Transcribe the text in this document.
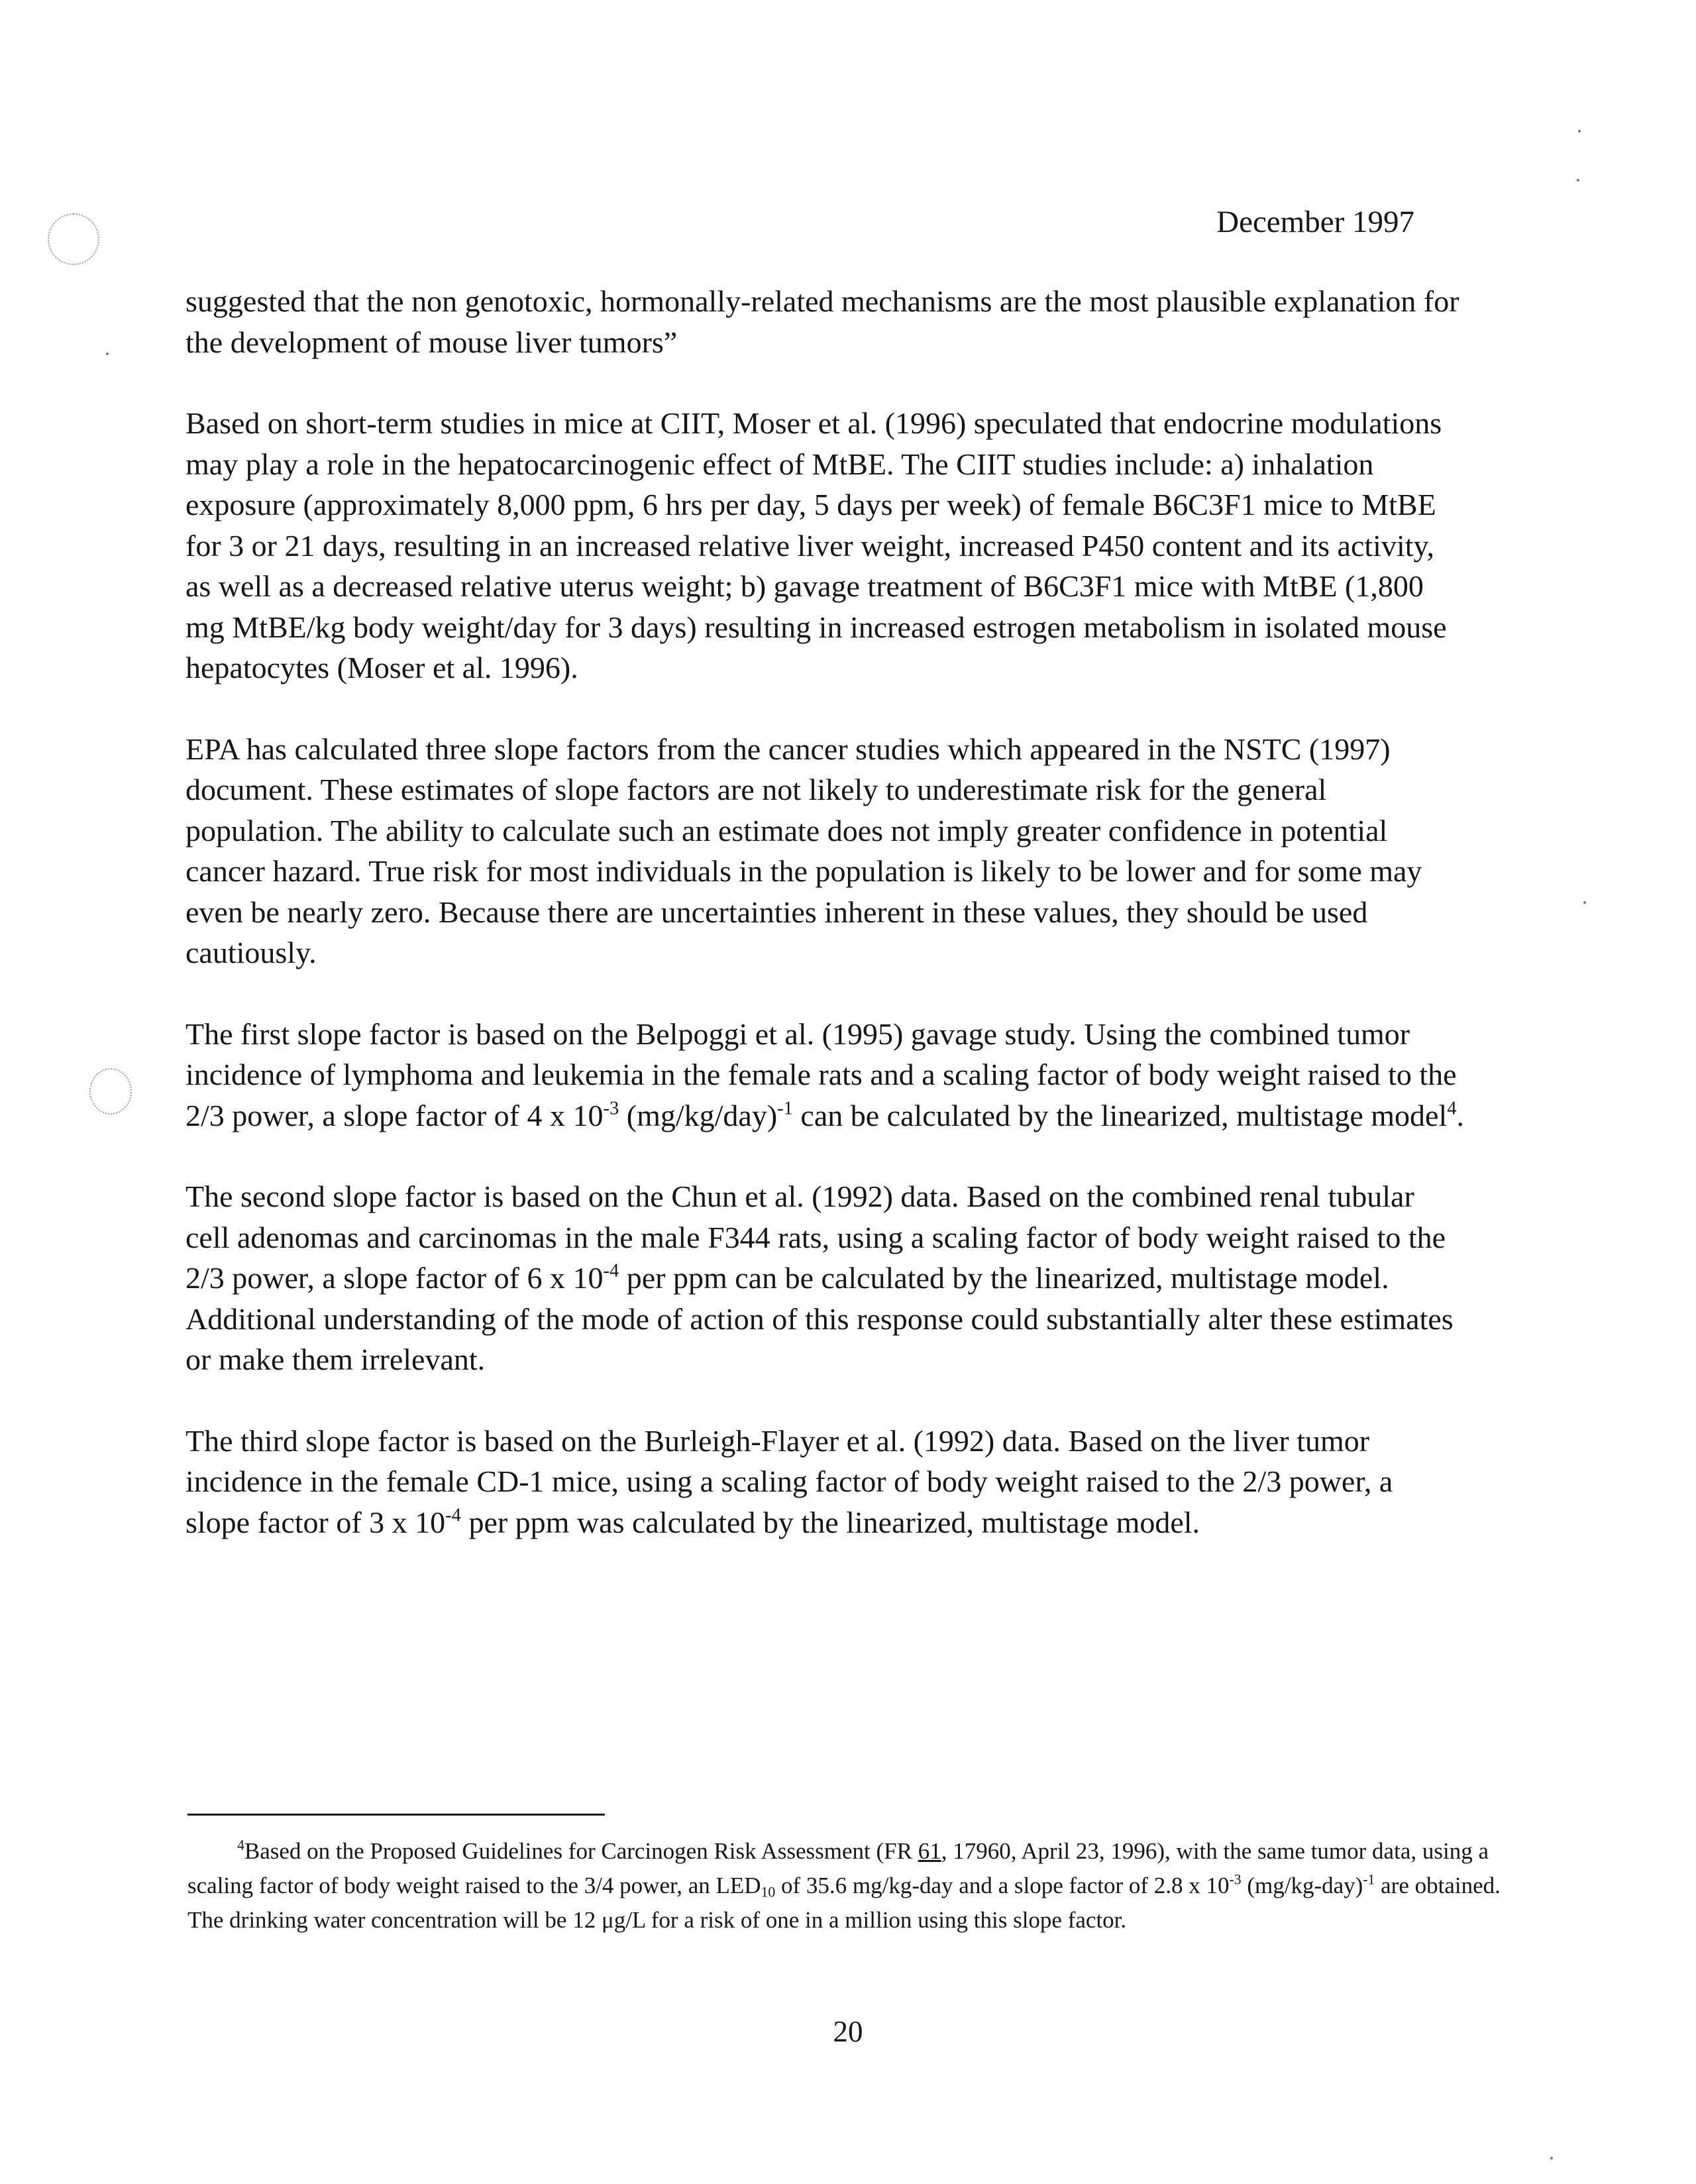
December 1997

suggested that the non genotoxic, hormonally-related mechanisms are the most plausible explanation for the development of mouse liver tumors”

Based on short-term studies in mice at CIIT, Moser et al. (1996) speculated that endocrine modulations may play a role in the hepatocarcinogenic effect of MtBE. The CIIT studies include: a) inhalation exposure (approximately 8,000 ppm, 6 hrs per day, 5 days per week) of female B6C3F1 mice to MtBE for 3 or 21 days, resulting in an increased relative liver weight, increased P450 content and its activity, as well as a decreased relative uterus weight; b) gavage treatment of B6C3F1 mice with MtBE (1,800 mg MtBE/kg body weight/day for 3 days) resulting in increased estrogen metabolism in isolated mouse hepatocytes (Moser et al. 1996).

EPA has calculated three slope factors from the cancer studies which appeared in the NSTC (1997) document. These estimates of slope factors are not likely to underestimate risk for the general population. The ability to calculate such an estimate does not imply greater confidence in potential cancer hazard. True risk for most individuals in the population is likely to be lower and for some may even be nearly zero. Because there are uncertainties inherent in these values, they should be used cautiously.

The first slope factor is based on the Belpoggi et al. (1995) gavage study. Using the combined tumor incidence of lymphoma and leukemia in the female rats and a scaling factor of body weight raised to the 2/3 power, a slope factor of 4 x $10^{-3}$ $(mg/kg/day)^{-1}$ can be calculated by the linearized, multistage model$^4$.

The second slope factor is based on the Chun et al. (1992) data. Based on the combined renal tubular cell adenomas and carcinomas in the male F344 rats, using a scaling factor of body weight raised to the 2/3 power, a slope factor of 6 x $10^{-4}$ per ppm can be calculated by the linearized, multistage model. Additional understanding of the mode of action of this response could substantially alter these estimates or make them irrelevant.

The third slope factor is based on the Burleigh-Flayer et al. (1992) data. Based on the liver tumor incidence in the female CD-1 mice, using a scaling factor of body weight raised to the 2/3 power, a slope factor of 3 x $10^{-4}$ per ppm was calculated by the linearized, multistage model.

$^4$Based on the Proposed Guidelines for Carcinogen Risk Assessment (FR 61, 17960, April 23, 1996), with the same tumor data, using a scaling factor of body weight raised to the 3/4 power, an $LED_{10}$ of 35.6 mg/kg-day and a slope factor of 2.8 x $10^{-3}$ $(mg/kg-day)^{-1}$ are obtained. The drinking water concentration will be 12 μg/L for a risk of one in a million using this slope factor.
20
